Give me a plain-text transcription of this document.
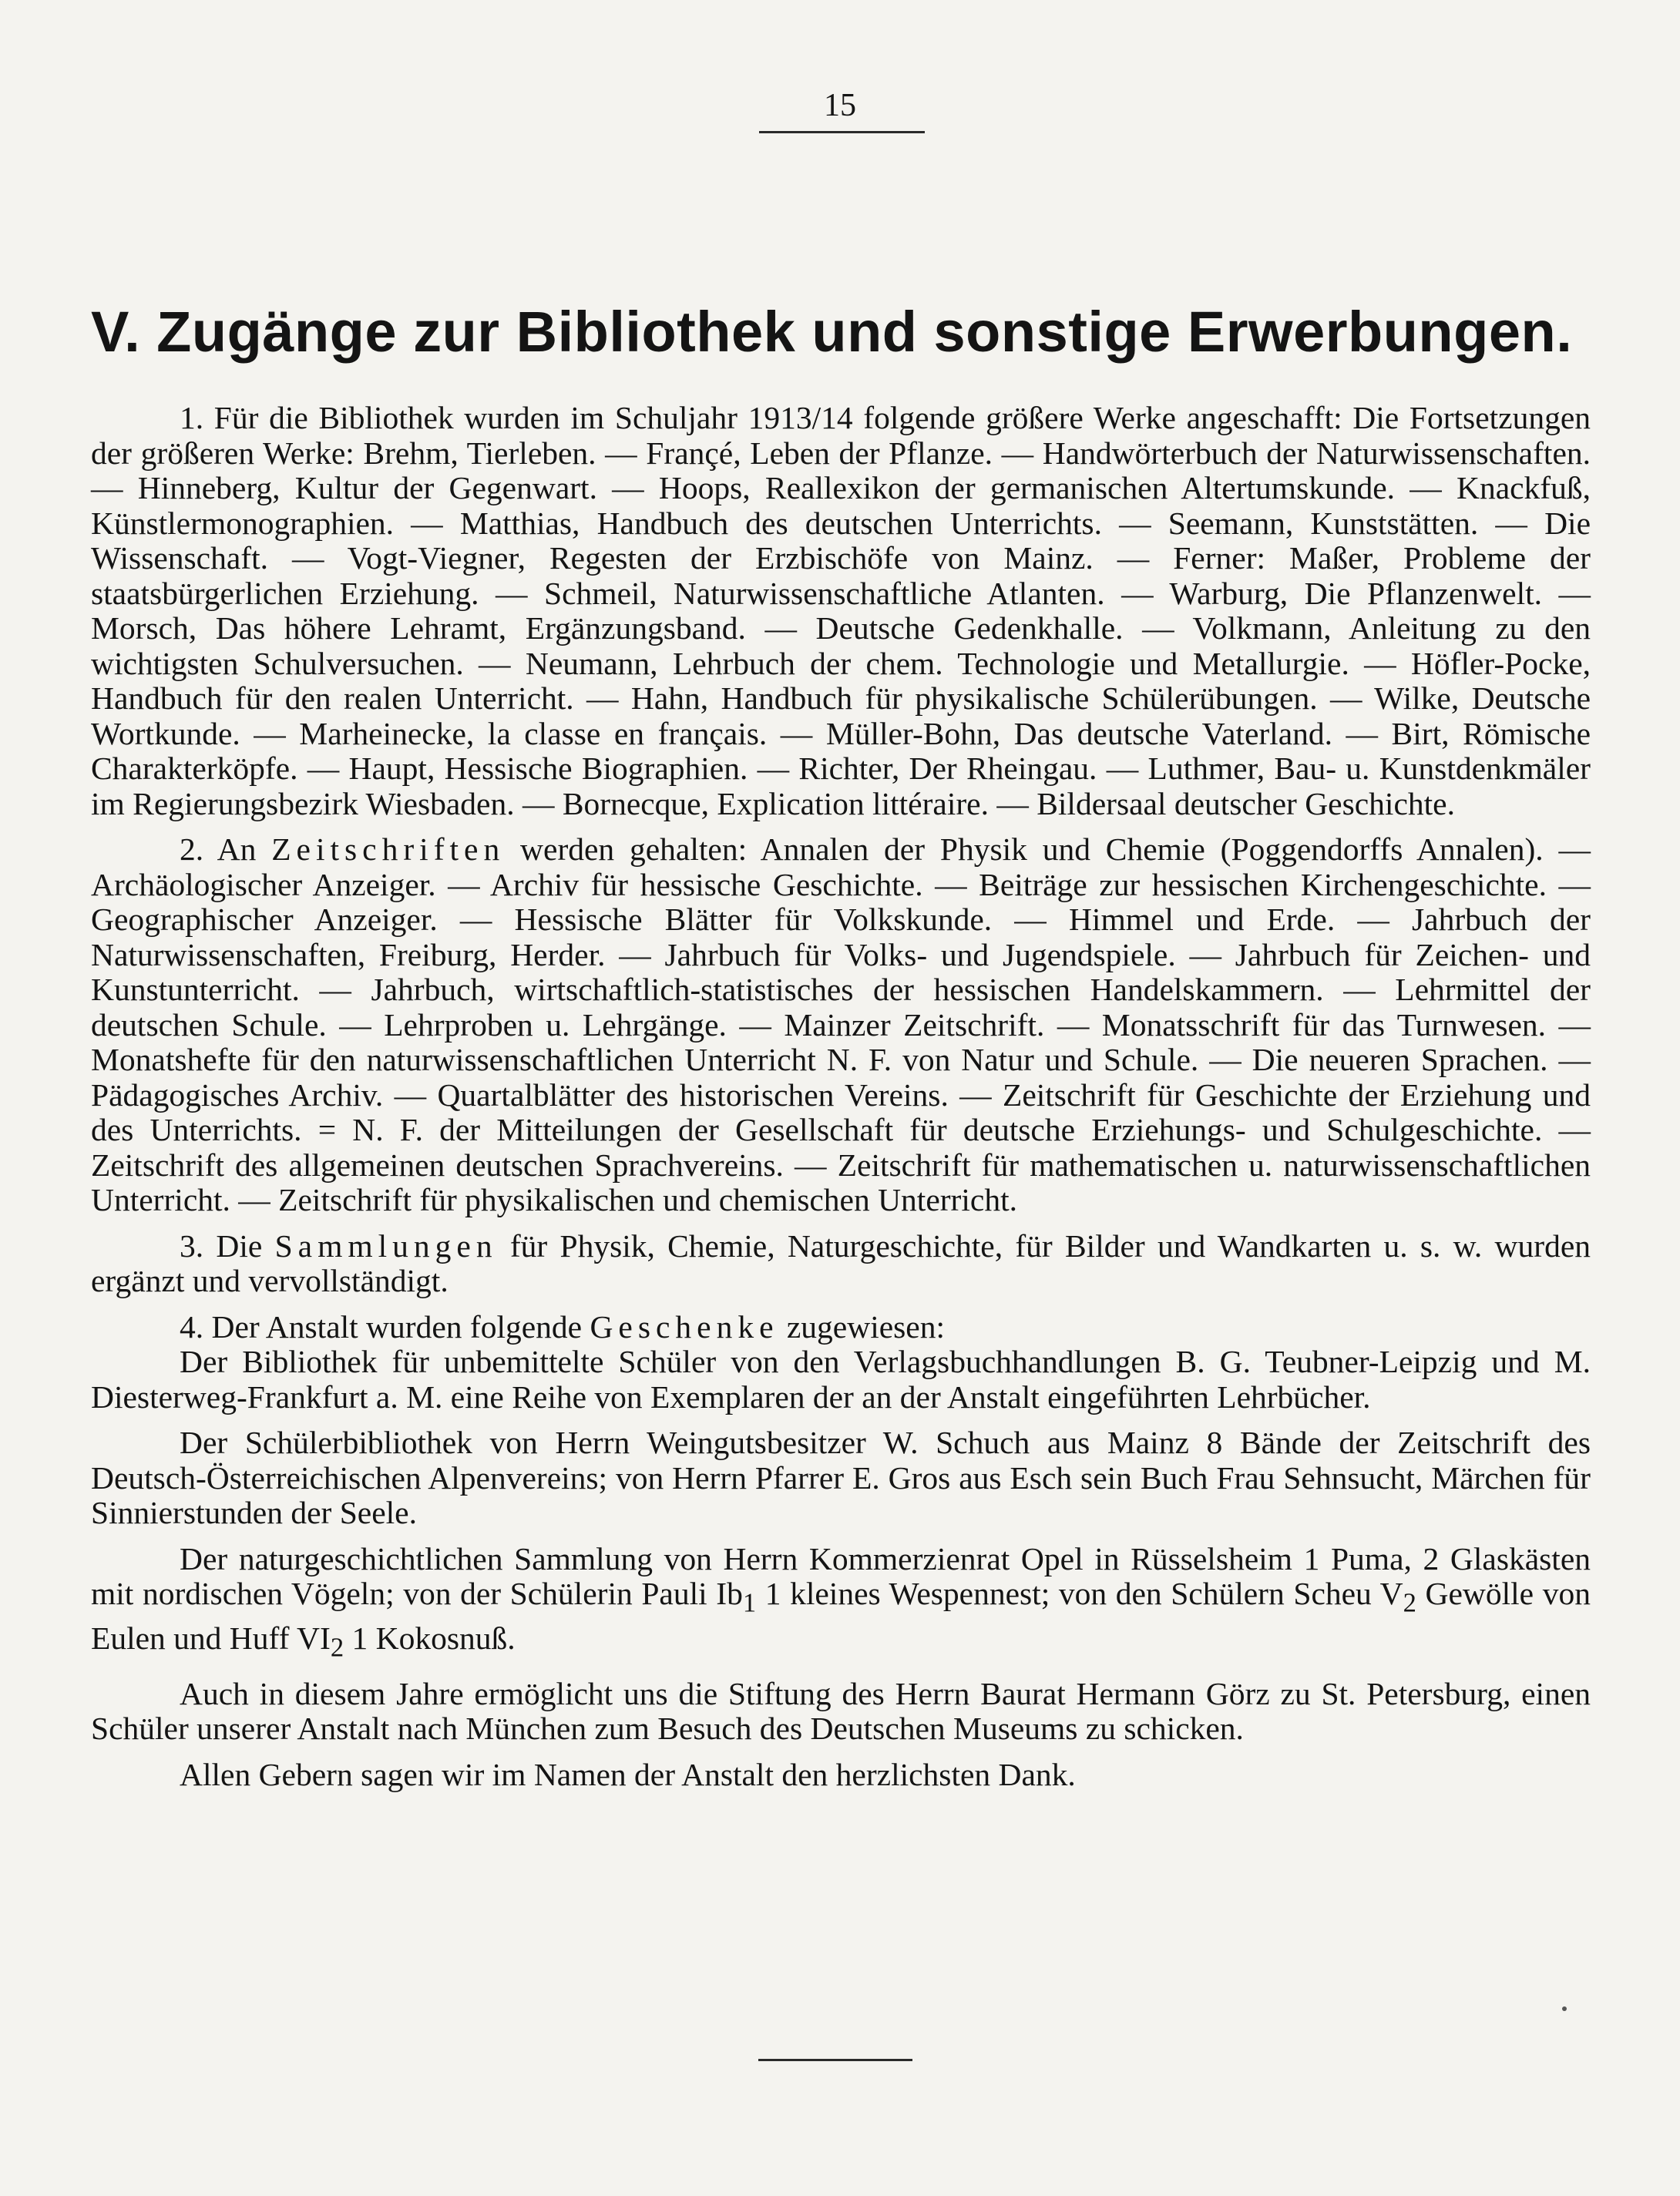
15
V. Zugänge zur Bibliothek und sonstige Erwerbungen.

1. Für die Bibliothek wurden im Schuljahr 1913/14 folgende größere Werke angeschafft: Die Fortsetzungen der größeren Werke: Brehm, Tierleben. — Françé, Leben der Pflanze. — Handwörterbuch der Naturwissenschaften. — Hinneberg, Kultur der Gegenwart. — Hoops, Reallexikon der germanischen Altertumskunde. — Knackfuß, Künstlermonographien. — Matthias, Handbuch des deutschen Unterrichts. — Seemann, Kunststätten. — Die Wissenschaft. — Vogt-Viegner, Regesten der Erzbischöfe von Mainz. — Ferner: Maßer, Probleme der staatsbürgerlichen Erziehung. — Schmeil, Naturwissenschaftliche Atlanten. — Warburg, Die Pflanzenwelt. — Morsch, Das höhere Lehramt, Ergänzungsband. — Deutsche Gedenkhalle. — Volkmann, Anleitung zu den wichtigsten Schulversuchen. — Neumann, Lehrbuch der chem. Technologie und Metallurgie. — Höfler-Pocke, Handbuch für den realen Unterricht. — Hahn, Handbuch für physikalische Schülerübungen. — Wilke, Deutsche Wortkunde. — Marheinecke, la classe en français. — Müller-Bohn, Das deutsche Vaterland. — Birt, Römische Charakterköpfe. — Haupt, Hessische Biographien. — Richter, Der Rheingau. — Luthmer, Bau- u. Kunstdenkmäler im Regierungsbezirk Wiesbaden. — Bornecque, Explication littéraire. — Bildersaal deutscher Geschichte.

2. An Zeitschriften werden gehalten: Annalen der Physik und Chemie (Poggendorffs Annalen). — Archäologischer Anzeiger. — Archiv für hessische Geschichte. — Beiträge zur hessischen Kirchengeschichte. — Geographischer Anzeiger. — Hessische Blätter für Volkskunde. — Himmel und Erde. — Jahrbuch der Naturwissenschaften, Freiburg, Herder. — Jahrbuch für Volks- und Jugendspiele. — Jahrbuch für Zeichen- und Kunstunterricht. — Jahrbuch, wirtschaftlich-statistisches der hessischen Handelskammern. — Lehrmittel der deutschen Schule. — Lehrproben u. Lehrgänge. — Mainzer Zeitschrift. — Monatsschrift für das Turnwesen. — Monatshefte für den naturwissenschaftlichen Unterricht N. F. von Natur und Schule. — Die neueren Sprachen. — Pädagogisches Archiv. — Quartalblätter des historischen Vereins. — Zeitschrift für Geschichte der Erziehung und des Unterrichts. = N. F. der Mitteilungen der Gesellschaft für deutsche Erziehungs- und Schulgeschichte. — Zeitschrift des allgemeinen deutschen Sprachvereins. — Zeitschrift für mathematischen u. naturwissenschaftlichen Unterricht. — Zeitschrift für physikalischen und chemischen Unterricht.

3. Die Sammlungen für Physik, Chemie, Naturgeschichte, für Bilder und Wandkarten u. s. w. wurden ergänzt und vervollständigt.

4. Der Anstalt wurden folgende Geschenke zugewiesen:

Der Bibliothek für unbemittelte Schüler von den Verlagsbuchhandlungen B. G. Teubner-Leipzig und M. Diesterweg-Frankfurt a. M. eine Reihe von Exemplaren der an der Anstalt eingeführten Lehrbücher.

Der Schülerbibliothek von Herrn Weingutsbesitzer W. Schuch aus Mainz 8 Bände der Zeitschrift des Deutsch-Österreichischen Alpenvereins; von Herrn Pfarrer E. Gros aus Esch sein Buch Frau Sehnsucht, Märchen für Sinnierstunden der Seele.

Der naturgeschichtlichen Sammlung von Herrn Kommerzienrat Opel in Rüsselsheim 1 Puma, 2 Glaskästen mit nordischen Vögeln; von der Schülerin Pauli $Ib_1$ 1 kleines Wespennest; von den Schülern Scheu $V_2$ Gewölle von Eulen und Huff $VI_2$ 1 Kokosnuß.

Auch in diesem Jahre ermöglicht uns die Stiftung des Herrn Baurat Hermann Görz zu St. Petersburg, einen Schüler unserer Anstalt nach München zum Besuch des Deutschen Museums zu schicken.

Allen Gebern sagen wir im Namen der Anstalt den herzlichsten Dank.
